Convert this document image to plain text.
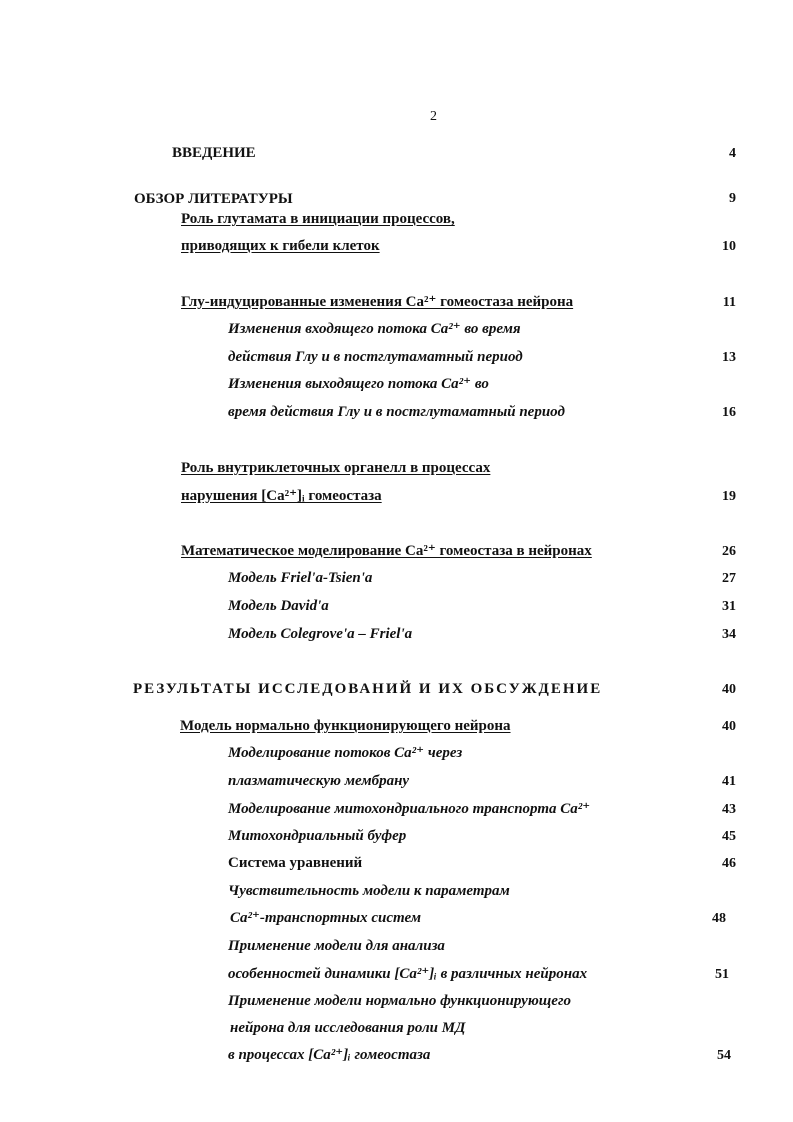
2
ВВЕДЕНИЕ	4
ОБЗОР ЛИТЕРАТУРЫ	9
Роль глутамата в инициации процессов,
приводящих к гибели клеток	10
Глу-индуцированные изменения Ca²⁺ гомеостаза нейрона	11
Изменения входящего потока Ca²⁺ во время
действия Глу и в постглутаматный период	13
Изменения выходящего потока Ca²⁺ во
время действия Глу и в постглутаматный период	16
Роль внутриклеточных органелл в процессах
нарушения [Ca²⁺]ᵢ гомеостаза	19
Математическое моделирование Ca²⁺ гомеостаза в нейронах	26
Модель Friel'a-Tsien'a	27
Модель David'a	31
Модель Colegrove'a – Friel'a	34
РЕЗУЛЬТАТЫ ИССЛЕДОВАНИЙ И ИХ ОБСУЖДЕНИЕ	40
Модель нормально функционирующего нейрона	40
Моделирование потоков Ca²⁺ через
плазматическую мембрану	41
Моделирование митохондриального транспорта Ca²⁺	43
Митохондриальный буфер	45
Система уравнений	46
Чувствительность модели к параметрам
Ca²⁺-транспортных систем	48
Применение модели для анализа
особенностей динамики [Ca²⁺]ᵢ в различных нейронах	51
Применение модели нормально функционирующего
нейрона для исследования роли МД
в процессах [Ca²⁺]ᵢ гомеостаза	54
